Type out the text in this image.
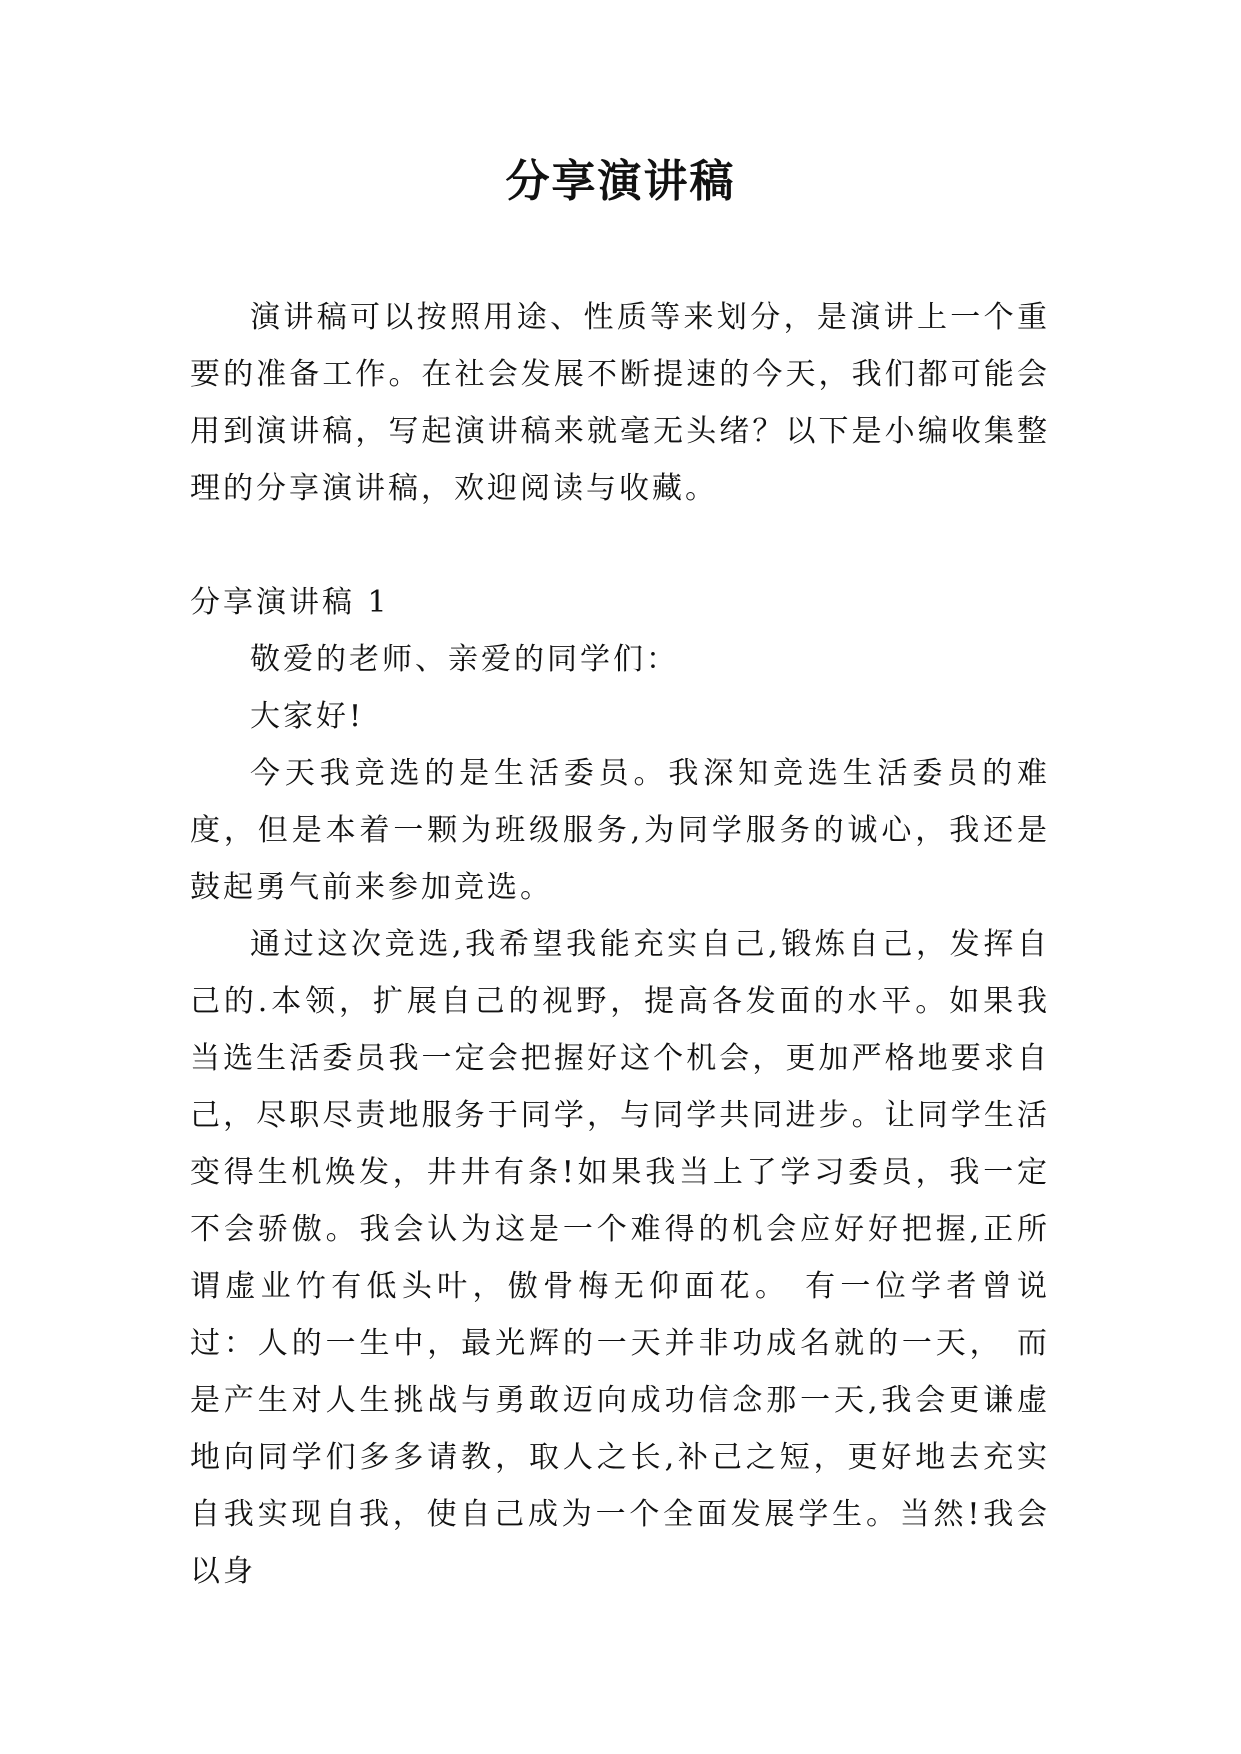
分享演讲稿

演讲稿可以按照用途、性质等来划分，是演讲上一个重要的准备工作。在社会发展不断提速的今天，我们都可能会用到演讲稿，写起演讲稿来就毫无头绪？以下是小编收集整理的分享演讲稿，欢迎阅读与收藏。

分享演讲稿 1

敬爱的老师、亲爱的同学们：

大家好!

今天我竞选的是生活委员。我深知竞选生活委员的难度，但是本着一颗为班级服务,为同学服务的诚心，我还是鼓起勇气前来参加竞选。

通过这次竞选,我希望我能充实自己,锻炼自己，发挥自己的.本领，扩展自己的视野，提高各发面的水平。如果我当选生活委员我一定会把握好这个机会，更加严格地要求自己，尽职尽责地服务于同学，与同学共同进步。让同学生活变得生机焕发，井井有条!如果我当上了学习委员，我一定不会骄傲。我会认为这是一个难得的机会应好好把握,正所谓虚业竹有低头叶，傲骨梅无仰面花。 有一位学者曾说过：人的一生中，最光辉的一天并非功成名就的一天， 而是产生对人生挑战与勇敢迈向成功信念那一天,我会更谦虚地向同学们多多请教，取人之长,补己之短，更好地去充实自我实现自我，使自己成为一个全面发展学生。当然!我会以身
